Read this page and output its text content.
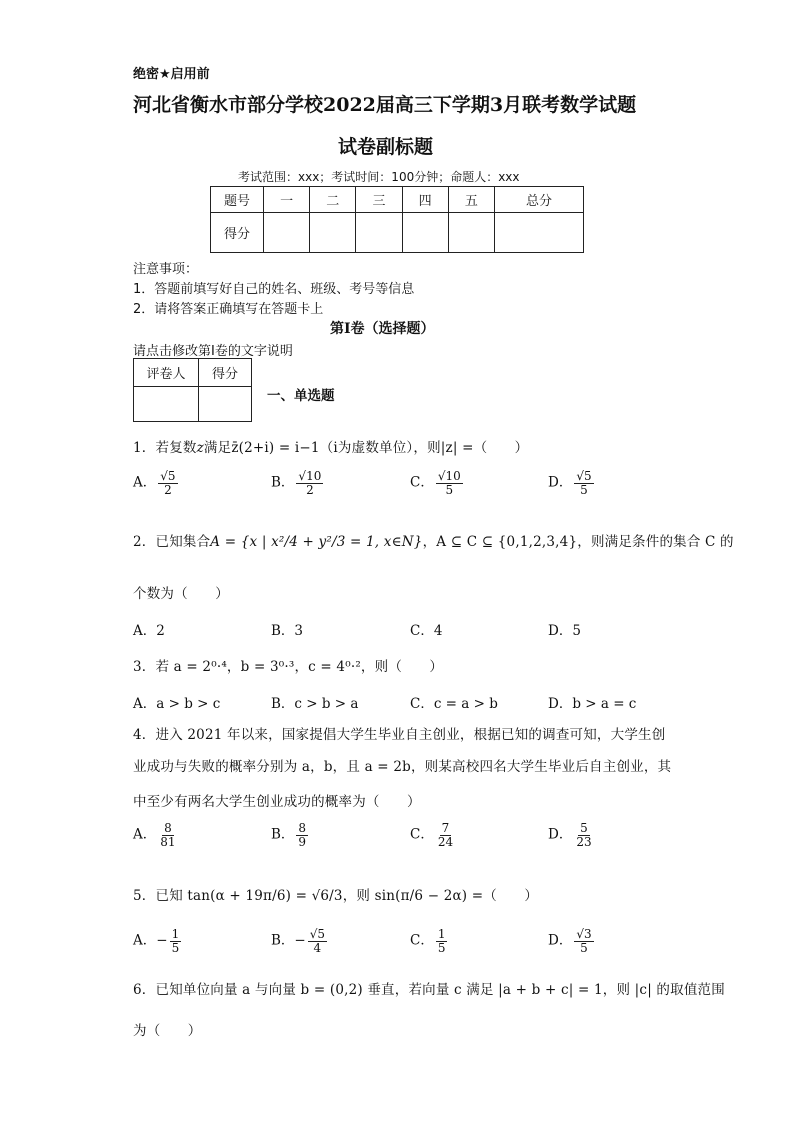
绝密★启用前
河北省衡水市部分学校2022届高三下学期3月联考数学试题
试卷副标题
考试范围：xxx；考试时间：100分钟；命题人：xxx
题号	一	二	三	四	五	总分
得分						
注意事项：
1．答题前填写好自己的姓名、班级、考号等信息
2．请将答案正确填写在答题卡上
第I卷（选择题）
请点击修改第I卷的文字说明
评卷人	得分

一、单选题
1．若复数z满足z̄(2+i) = i−1（i为虚数单位），则|z| =（　　）
A． $\frac{√5}{2}$	B． $\frac{√10}{2}$	C． $\frac{√10}{5}$	D． $\frac{√5}{5}$
2．已知集合A = {x | x²/4 + y²/3 = 1, x∈N}，A ⊆ C ⊆ {0,1,2,3,4}，则满足条件的集合 C 的
个数为（　　）
A．2	B．3	C．4	D．5
3．若 a = 2⁰·⁴，b = 3⁰·³，c = 4⁰·²，则（　　）
A．a > b > c	B．c > b > a	C．c = a > b	D．b > a = c
4．进入 2021 年以来，国家提倡大学生毕业自主创业，根据已知的调查可知，大学生创
业成功与失败的概率分别为 a，b，且 a = 2b，则某高校四名大学生毕业后自主创业，其
中至少有两名大学生创业成功的概率为（　　）
A． $\frac{8}{81}$	B． $\frac{8}{9}$	C． $\frac{7}{24}$	D． $\frac{5}{23}$
5．已知 tan(α + 19π/6) = √6/3，则 sin(π/6 − 2α) =（　　）
A．− $\frac{1}{5}$	B．− $\frac{√5}{4}$	C． $\frac{1}{5}$	D． $\frac{√3}{5}$
6．已知单位向量 a 与向量 b = (0,2) 垂直，若向量 c 满足 |a + b + c| = 1，则 |c| 的取值范围
为（　　）
